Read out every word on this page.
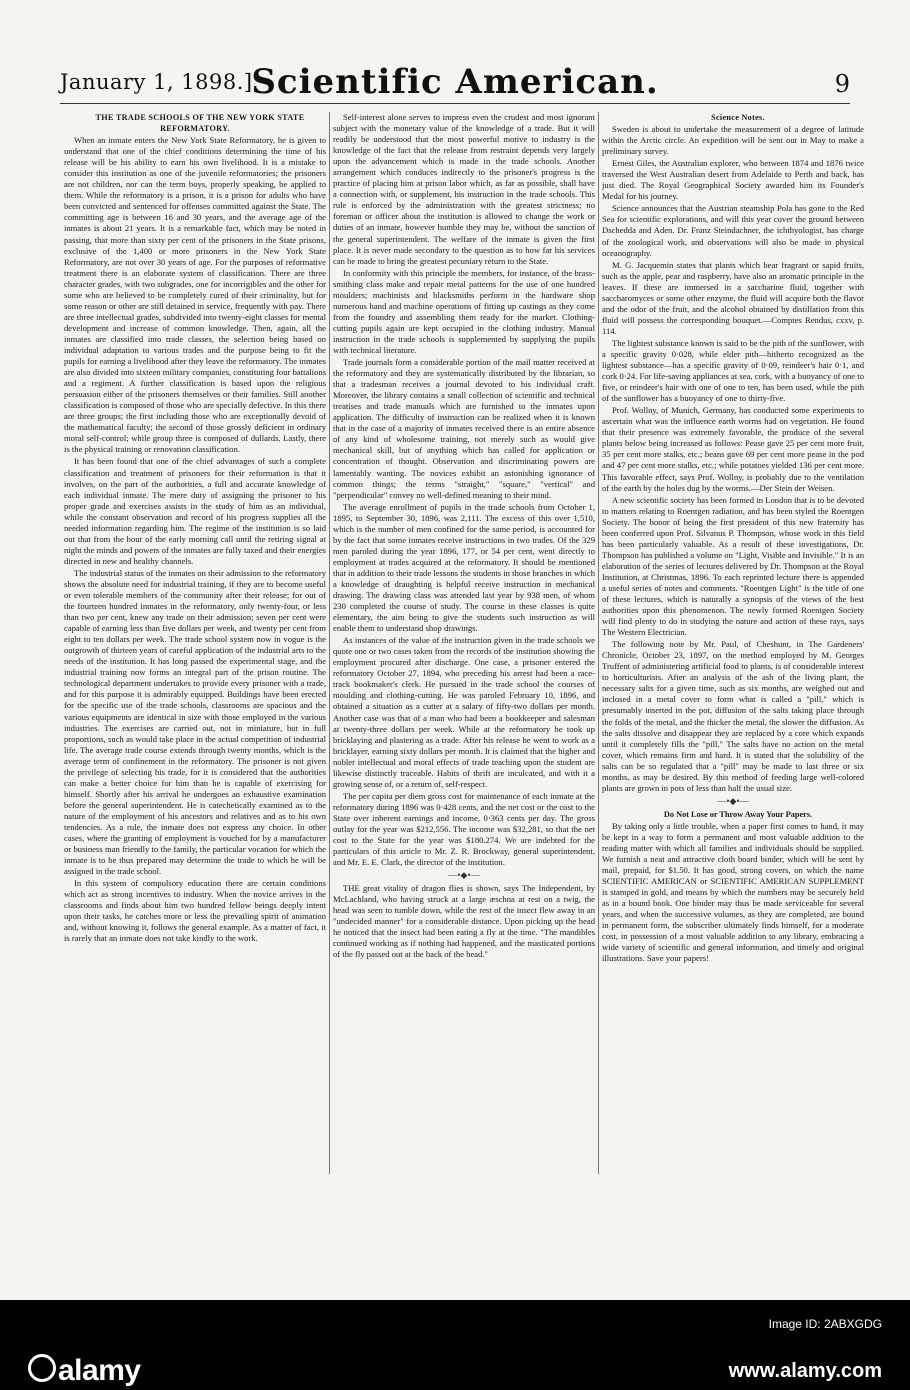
January 1, 1898.]
Scientific American.	9

THE TRADE SCHOOLS OF THE NEW YORK STATE REFORMATORY.

When an inmate enters the New York State Reformatory, he is given to understand that one of the chief conditions determining the time of his release will be his ability to earn his own livelihood. It is a mistake to consider this institution as one of the juvenile reformatories; the prisoners are not children, nor can the term boys, properly speaking, be applied to them. While the reformatory is a prison, it is a prison for adults who have been convicted and sentenced for offenses committed against the State. The committing age is between 16 and 30 years, and the average age of the inmates is about 21 years. It is a remarkable fact, which may be noted in passing, that more than sixty per cent of the prisoners in the State prisons, exclusive of the 1,400 or more prisoners in the New York State Reformatory, are not over 30 years of age. For the purposes of reformative treatment there is an elaborate system of classification. There are three character grades, with two subgrades, one for incorrigibles and the other for some who are believed to be completely cured of their criminality, but for some reason or other are still detained in service, frequently with pay. There are three intellectual grades, subdivided into twenty-eight classes for mental development and increase of common knowledge. Then, again, all the inmates are classified into trade classes, the selection being based on individual adaptation to various trades and the purpose being to fit the pupils for earning a livelihood after they leave the reformatory. The inmates are also divided into sixteen military companies, constituting four battalions and a regiment. A further classification is based upon the religious persuasion either of the prisoners themselves or their families. Still another classification is composed of those who are specially defective. In this there are three groups; the first including those who are exceptionally devoid of the mathematical faculty; the second of those grossly deficient in ordinary moral self-control; while group three is composed of dullards. Lastly, there is the physical training or renovation classification.

It has been found that one of the chief advantages of such a complete classification and treatment of prisoners for their reformation is that it involves, on the part of the authorities, a full and accurate knowledge of each individual inmate. The mere duty of assigning the prisoner to his proper grade and exercises assists in the study of him as an individual, while the constant observation and record of his progress supplies all the needed information regarding him. The regime of the institution is so laid out that from the hour of the early morning call until the retiring signal at night the minds and powers of the inmates are fully taxed and their energies directed in new and healthy channels.

The industrial status of the inmates on their admission to the reformatory shows the absolute need for industrial training, if they are to become useful or even tolerable members of the community after their release; for out of the fourteen hundred inmates in the reformatory, only twenty-four, or less than two per cent, knew any trade on their admission; seven per cent were capable of earning less than five dollars per week, and twenty per cent from eight to ten dollars per week. The trade school system now in vogue is the outgrowth of thirteen years of careful application of the industrial arts to the needs of the institution. It has long passed the experimental stage, and the industrial training now forms an integral part of the prison routine. The technological department undertakes to provide every prisoner with a trade, and for this purpose it is admirably equipped. Buildings have been erected for the specific use of the trade schools, classrooms are spacious and the various equipments are identical in size with those employed in the various industries. The exercises are carried out, not in miniature, but in full proportions, such as would take place in the actual competition of industrial life. The average trade course extends through twenty months, which is the average term of confinement in the reformatory. The prisoner is not given the privilege of selecting his trade, for it is considered that the authorities can make a better choice for him than he is capable of exercising for himself. Shortly after his arrival he undergoes an exhaustive examination before the general superintendent. He is catechetically examined as to the nature of the employment of his ancestors and relatives and as to his own tendencies. As a rule, the inmate does not express any choice. In other cases, where the granting of employment is vouched for by a manufacturer or business man friendly to the family, the particular vocation for which the inmate is to be thus prepared may determine the trade to which he will be assigned in the trade school.

In this system of compulsory education there are certain conditions which act as strong incentives to industry. When the novice arrives in the classrooms and finds about him two hundred fellow beings deeply intent upon their tasks, he catches more or less the prevailing spirit of animation and, without knowing it, follows the general example. As a matter of fact, it is rarely that an inmate does not take kindly to the work.

Self-interest alone serves to impress even the crudest and most ignorant subject with the monetary value of the knowledge of a trade. But it will readily be understood that the most powerful motive to industry is the knowledge of the fact that the release from restraint depends very largely upon the advancement which is made in the trade schools. Another arrangement which conduces indirectly to the prisoner's progress is the practice of placing him at prison labor which, as far as possible, shall have a connection with, or supplement, his instruction in the trade schools. This rule is enforced by the administration with the greatest strictness; no foreman or officer about the institution is allowed to change the work or duties of an inmate, however humble they may be, without the sanction of the general superintendent. The welfare of the inmate is given the first place. It is never made secondary to the question as to how far his services can be made to bring the greatest pecuniary return to the State.

In conformity with this principle the members, for instance, of the brass-smithing class make and repair metal patterns for the use of one hundred moulders; machinists and blacksmiths perform in the hardware shop numerous hand and machine operations of fitting up castings as they come from the foundry and assembling them ready for the market. Clothing-cutting pupils again are kept occupied in the clothing industry. Manual instruction in the trade schools is supplemented by supplying the pupils with technical literature.

Trade journals form a considerable portion of the mail matter received at the reformatory and they are systematically distributed by the librarian, so that a tradesman receives a journal devoted to his individual craft. Moreover, the library contains a small collection of scientific and technical treatises and trade manuals which are furnished to the inmates upon application. The difficulty of instruction can be realized when it is known that in the case of a majority of inmates received there is an entire absence of any kind of wholesome training, not merely such as would give mechanical skill, but of anything which has called for application or concentration of thought. Observation and discriminating powers are lamentably wanting. The novices exhibit an astonishing ignorance of common things; the terms "straight," "square," "vertical" and "perpendicular" convey no well-defined meaning to their mind.

The average enrollment of pupils in the trade schools from October 1, 1895, to September 30, 1896, was 2,111. The excess of this over 1,510, which is the number of men confined for the same period, is accounted for by the fact that some inmates receive instructions in two trades. Of the 329 men paroled during the year 1896, 177, or 54 per cent, went directly to employment at trades acquired at the reformatory. It should be mentioned that in addition to their trade lessons the students in those branches in which a knowledge of draughting is helpful receive instruction in mechanical drawing. The drawing class was attended last year by 938 men, of whom 230 completed the course of study. The course in these classes is quite elementary, the aim being to give the students such instruction as will enable them to understand shop drawings.

As instances of the value of the instruction given in the trade schools we quote one or two cases taken from the records of the institution showing the employment procured after discharge. One case, a prisoner entered the reformatory October 27, 1894, who preceding his arrest had been a race-track bookmaker's clerk. He pursued in the trade school the courses of moulding and clothing-cutting. He was paroled February 10, 1896, and obtained a situation as a cutter at a salary of fifty-two dollars per month. Another case was that of a man who had been a bookkeeper and salesman at twenty-three dollars per week. While at the reformatory he took up bricklaying and plastering as a trade. After his release he went to work as a bricklayer, earning sixty dollars per month. It is claimed that the higher and nobler intellectual and moral effects of trade teaching upon the student are likewise distinctly traceable. Habits of thrift are inculcated, and with it a growing sense of, or a return of, self-respect.

The per capita per diem gross cost for maintenance of each inmate at the reformatory during 1896 was 0·428 cents, and the net cost or the cost to the State over inherent earnings and income, 0·363 cents per day. The gross outlay for the year was $212,556. The income was $32,281, so that the net cost to the State for the year was $180.274. We are indebted for the particulars of this article to Mr. Z. R. Brockway, general superintendent, and Mr. E. E. Clark, the director of the institution.

—•◆•—

THE great vitality of dragon flies is shown, says The Independent, by McLachland, who having struck at a large æschna at rest on a twig, the head was seen to tumble down, while the rest of the insect flew away in an "undecided manner" for a considerable distance. Upon picking up the head he noticed that the insect had been eating a fly at the time. "The mandibles continued working as if nothing had happened, and the masticated portions of the fly passed out at the back of the head."

Science Notes.

Sweden is about to undertake the measurement of a degree of latitude within the Arctic circle. An expedition will be sent out in May to make a preliminary survey.

Ernest Giles, the Australian explorer, who between 1874 and 1876 twice traversed the West Australian desert from Adelaide to Perth and back, has just died. The Royal Geographical Society awarded him its Founder's Medal for his journey.

Science announces that the Austrian steamship Pola has gone to the Red Sea for scientific explorations, and will this year cover the ground between Dschedda and Aden. Dr. Franz Steindachner, the ichthyologist, has charge of the zoological work, and observations will also be made in physical oceanography.

M. G. Jacquemin states that plants which bear fragrant or sapid fruits, such as the apple, pear and raspberry, have also an aromatic principle in the leaves. If these are immersed in a saccharine fluid, together with saccharomyces or some other enzyme, the fluid will acquire both the flavor and the odor of the fruit, and the alcohol obtained by distillation from this fluid will possess the corresponding bouquet.—Comptes Rendus, cxxv, p. 114.

The lightest substance known is said to be the pith of the sunflower, with a specific gravity 0·028, while elder pith—hitherto recognized as the lightest substance—has a specific gravity of 0·09, reindeer's hair 0·1, and cork 0·24. For life-saving appliances at sea, cork, with a buoyancy of one to five, or reindeer's hair with one of one to ten, has been used, while the pith of the sunflower has a buoyancy of one to thirty-five.

Prof. Wollny, of Munich, Germany, has conducted some experiments to ascertain what was the influence earth worms had on vegetation. He found that their presence was extremely favorable, the produce of the several plants below being increased as follows: Pease gave 25 per cent more fruit, 35 per cent more stalks, etc.; beans gave 69 per cent more pease in the pod and 47 per cent more stalks, etc.; while potatoes yielded 136 per cent more. This favorable effect, says Prof. Wollny, is probably due to the ventilation of the earth by the holes dug by the worms.—Der Stein der Weisen.

A new scientific society has been formed in London that is to be devoted to matters relating to Roentgen radiation, and has been styled the Roentgen Society. The honor of being the first president of this new fraternity has been conferred upon Prof. Silvanus P. Thompson, whose work in this field has been particularly valuable. As a result of these investigations, Dr. Thompson has published a volume on "Light, Visible and Invisible." It is an elaboration of the series of lectures delivered by Dr. Thompson at the Royal Institution, at Christmas, 1896. To each reprinted lecture there is appended a useful series of notes and comments. "Roentgen Light" is the title of one of these lectures, which is naturally a synopsis of the views of the best authorities upon this phenomenon. The newly formed Roentgen Society will find plenty to do in studying the nature and action of these rays, says The Western Electrician.

The following note by Mr. Paul, of Cheshunt, in The Gardeners' Chronicle, October 23, 1897, on the method employed by M. Georges Truffent of administering artificial food to plants, is of considerable interest to horticulturists. After an analysis of the ash of the living plant, the necessary salts for a given time, such as six months, are weighed out and inclosed in a metal cover to form what is called a "pill," which is presumably inserted in the pot, diffusion of the salts taking place through the folds of the metal, and the thicker the metal, the slower the diffusion. As the salts dissolve and disappear they are replaced by a core which expands until it completely fills the "pill." The salts have no action on the metal cover, which remains firm and hard. It is stated that the solubility of the salts can be so regulated that a "pill" may be made to last three or six months, as may be desired. By this method of feeding large well-colored plants are grown in pots of less than half the usual size.

—•◆•—

Do Not Lose or Throw Away Your Papers.

By taking only a little trouble, when a paper first comes to hand, it may be kept in a way to form a permanent and most valuable addition to the reading matter with which all families and individuals should be supplied. We furnish a neat and attractive cloth board binder, which will be sent by mail, prepaid, for $1.50. It has good, strong covers, on which the name SCIENTIFIC AMERICAN or SCIENTIFIC AMERICAN SUPPLEMENT is stamped in gold, and means by which the numbers may be securely held as in a bound book. One binder may thus be made serviceable for several years, and when the successive volumes, as they are completed, are bound in permanent form, the subscriber ultimately finds himself, for a moderate cost, in possession of a most valuable addition to any library, embracing a wide variety of scientific and general information, and timely and original illustrations. Save your papers!

alamy
Image ID: 2ABXGDG
www.alamy.com
